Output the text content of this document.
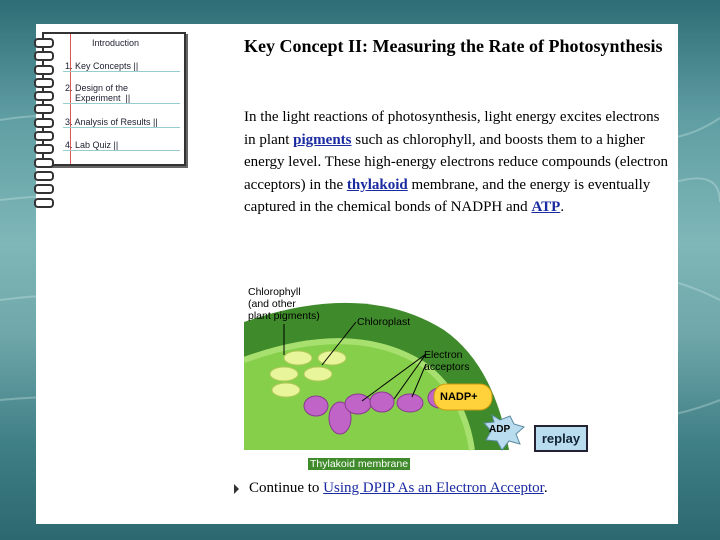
Introduction
1. Key Concepts ||
2. Design of the
Experiment  ||
3. Analysis of Results ||
4. Lab Quiz ||
Key Concept II: Measuring the Rate of Photosynthesis
In the light reactions of photosynthesis, light energy excites electrons in plant pigments such as chlorophyll, and boosts them to a higher energy level. These high-energy electrons reduce compounds (electron acceptors) in the thylakoid membrane, and the energy is eventually captured in the chemical bonds of NADPH and ATP.
Chlorophyll
(and other
plant pigments)	Chloroplast
Electron
acceptors
NADP+
ADP
Thylakoid membrane
replay
Continue to Using DPIP As an Electron Acceptor.
